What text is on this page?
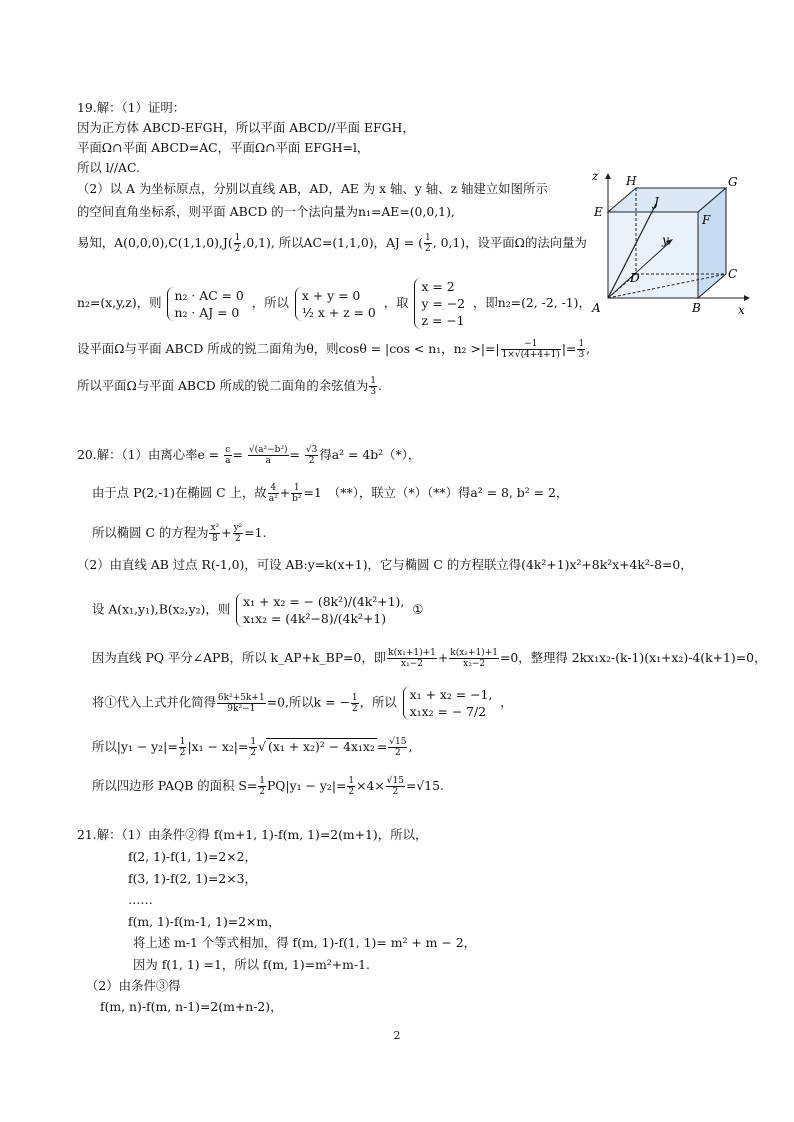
19.解：（1）证明：
因为正方体 ABCD-EFGH，所以平面 ABCD//平面 EFGH，
平面Ω∩平面 ABCD=AC，平面Ω∩平面 EFGH=l，
所以 l//AC.
（2）以 A 为坐标原点，分别以直线 AB，AD，AE 为 x 轴、y 轴、z 轴建立如图所示
的空间直角坐标系，则平面 ABCD 的一个法向量为n₁=AE=(0,0,1),
易知，$A(0,0,0),C(1,1,0),J( \frac{1}{2} ,0,1)$, 所以AC=(1,1,0)，AJ = ( $\frac{1}{2}$ , 0,1)，设平面Ω的法向量为
n₂=(x,y,z)，则 n₂ · AC = 0
n₂ · AJ = 0
，所以 x + y = 0
½ x + z = 0
，取
x = 2
y = −2
z = −1
，即n₂=(2, -2, -1)，
设平面Ω与平面 ABCD 所成的锐二面角为θ，则cosθ = |cos < n₁，n₂ >|=| $\frac{-1}{1\times√(4+4+1)}$ |= $\frac{1}{3}$ ,
所以平面Ω与平面 ABCD 所成的锐二面角的余弦值为 $\frac{1}{3}$ .
z H	G
E
J
F
y
D	C
A	B	x
20.解：（1）由离心率$e = \frac{c}{a} = \frac{\text{√(a²−b²)}}{a} = \frac{√3}{2}$ 得a² = 4b²（*），
由于点 P(2,-1)在椭圆 C 上，故 $\frac{4}{\text{a²}} + \frac{1}{\text{b²}} =1$　（**），联立（*）（**）得a² = 8, b² = 2，
所以椭圆 C 的方程为 $\frac{\text{x²}}{8} + \frac{\text{y²}}{2} =1$.
（2）由直线 AB 过点 R(-1,0)，可设 AB:y=k(x+1)，它与椭圆 C 的方程联立得(4k²+1)x²+8k²x+4k²-8=0，
设 A(x₁,y₁),B(x₂,y₂)，则 x₁ + x₂ = − (8k²)/(4k²+1),
x₁x₂ = (4k²−8)/(4k²+1)
①
因为直线 PQ 平分∠APB，所以 k_AP+k_BP=0，即 $\frac{\text{k(x₁+1)+1}}{\text{x₁−2}} + \frac{\text{k(x₂+1)+1}}{\text{x₂−2}} =0$，整理得 2kx₁x₂-(k-1)(x₁+x₂)-4(k+1)=0，
将①代入上式并化简得 $\frac{\text{6k²+5k+1}}{\text{9k²−1}} =0$,所以k = − $\frac{1}{2}$ ，所以 x₁ + x₂ = −1,
x₁x₂ = − 7/2
，
所以$|y_1 - y_2|= \frac{1}{2} |x_1 - x_2|= \frac{1}{2}$ √ $(x_1 + x_2)^2 - 4x_1x_2 = \frac{√15}{2}$ ,
所以四边形 PAQB 的面积 $S= \frac{1}{2} PQ|y_1 - y_2|= \frac{1}{2} \times 4\times \frac{√15}{2} =√15$.
21.解：（1）由条件②得 f(m+1, 1)-f(m, 1)=2(m+1)，所以，
f(2, 1)-f(1, 1)=2×2，
f(3, 1)-f(2, 1)=2×3，
……
f(m, 1)-f(m-1, 1)=2×m，
将上述 m-1 个等式相加，得 f(m, 1)-f(1, 1)= m² + m − 2，
因为 f(1, 1) =1，所以 f(m, 1)=m²+m-1.
（2）由条件③得
f(m, n)-f(m, n-1)=2(m+n-2)，
2
